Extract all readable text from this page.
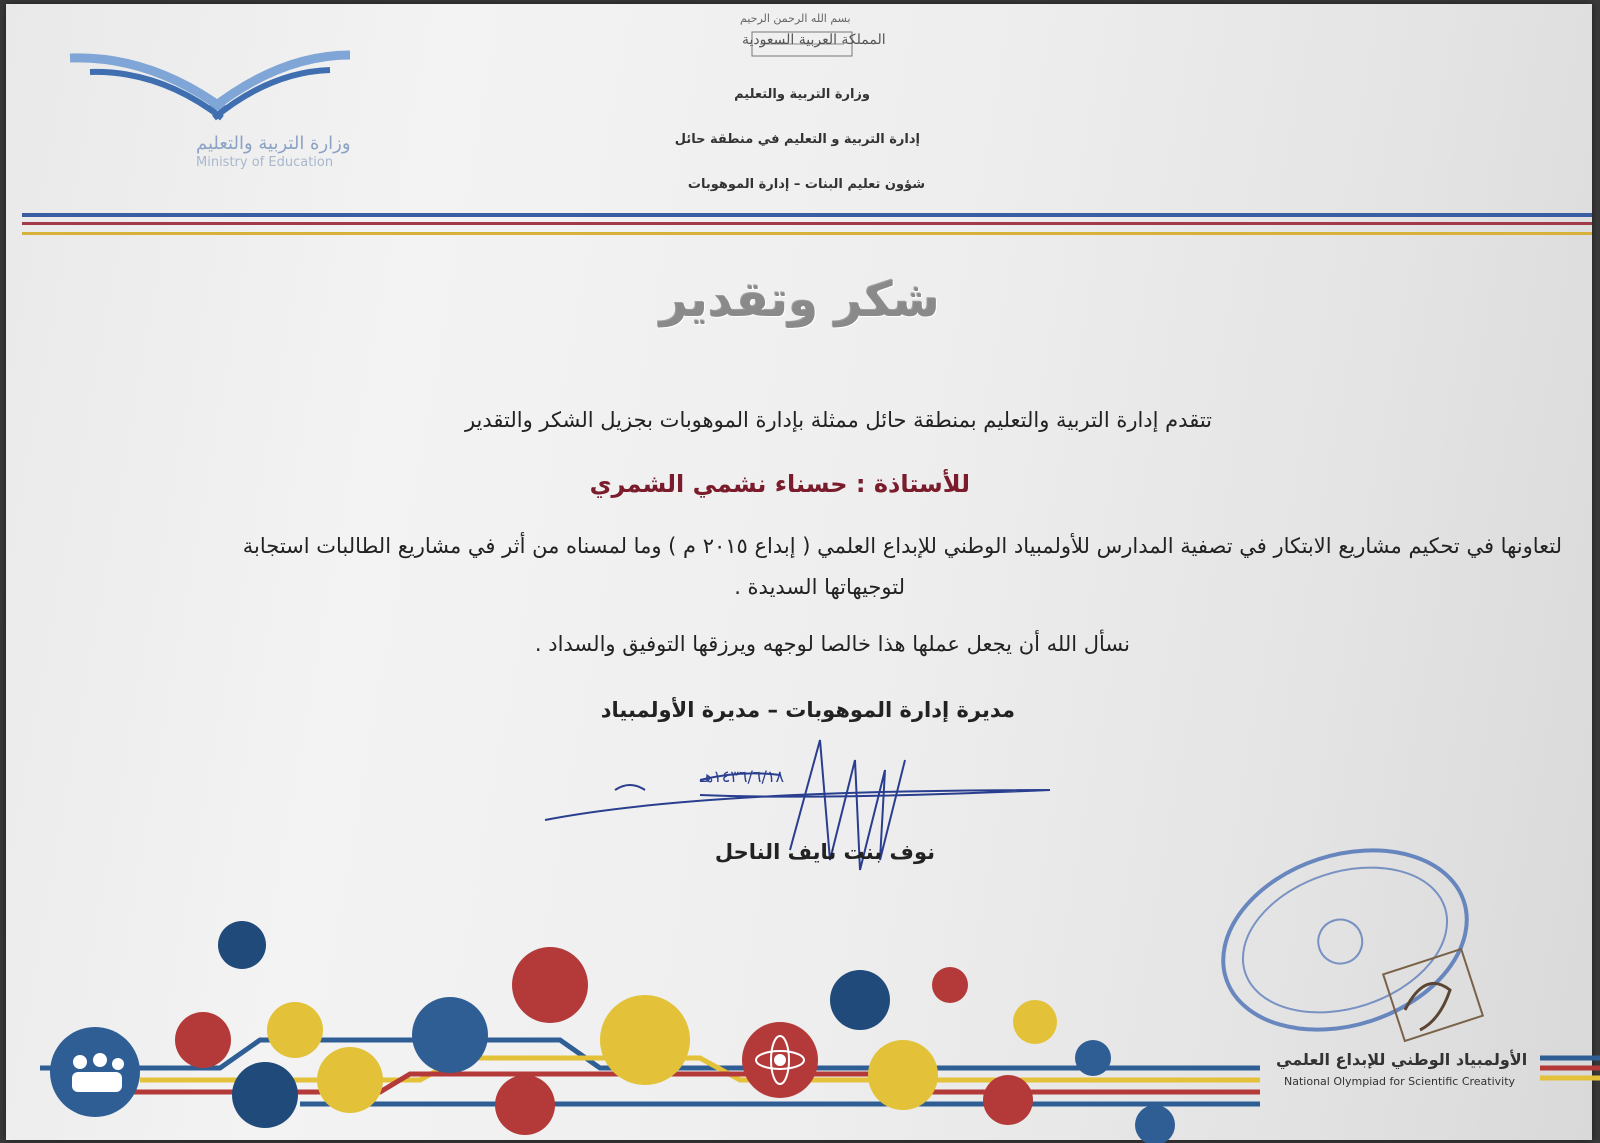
١٤٣٦/٦/١٨هـ
بسم الله الرحمن الرحيم
المملكة العربية السعودية
وزارة التربية والتعليم
إدارة التربية و التعليم في منطقة حائل
شؤون تعليم البنات – إدارة الموهوبات
وزارة التربية والتعليم
Ministry of Education
شكر وتقدير
تتقدم إدارة التربية والتعليم بمنطقة حائل ممثلة بإدارة الموهوبات بجزيل الشكر والتقدير
للأستاذة : حسناء نشمي الشمري
لتعاونها في تحكيم مشاريع الابتكار في تصفية المدارس للأولمبياد الوطني للإبداع العلمي ( إبداع ٢٠١٥ م ) وما لمسناه من أثر في مشاريع الطالبات استجابة
لتوجيهاتها السديدة .
نسأل الله أن يجعل عملها هذا خالصا لوجهه ويرزقها التوفيق والسداد .
مديرة إدارة الموهوبات – مديرة الأولمبياد
نوف بنت نايف الناحل
الأولمبياد الوطني للإبداع العلمي
National Olympiad for Scientific Creativity
